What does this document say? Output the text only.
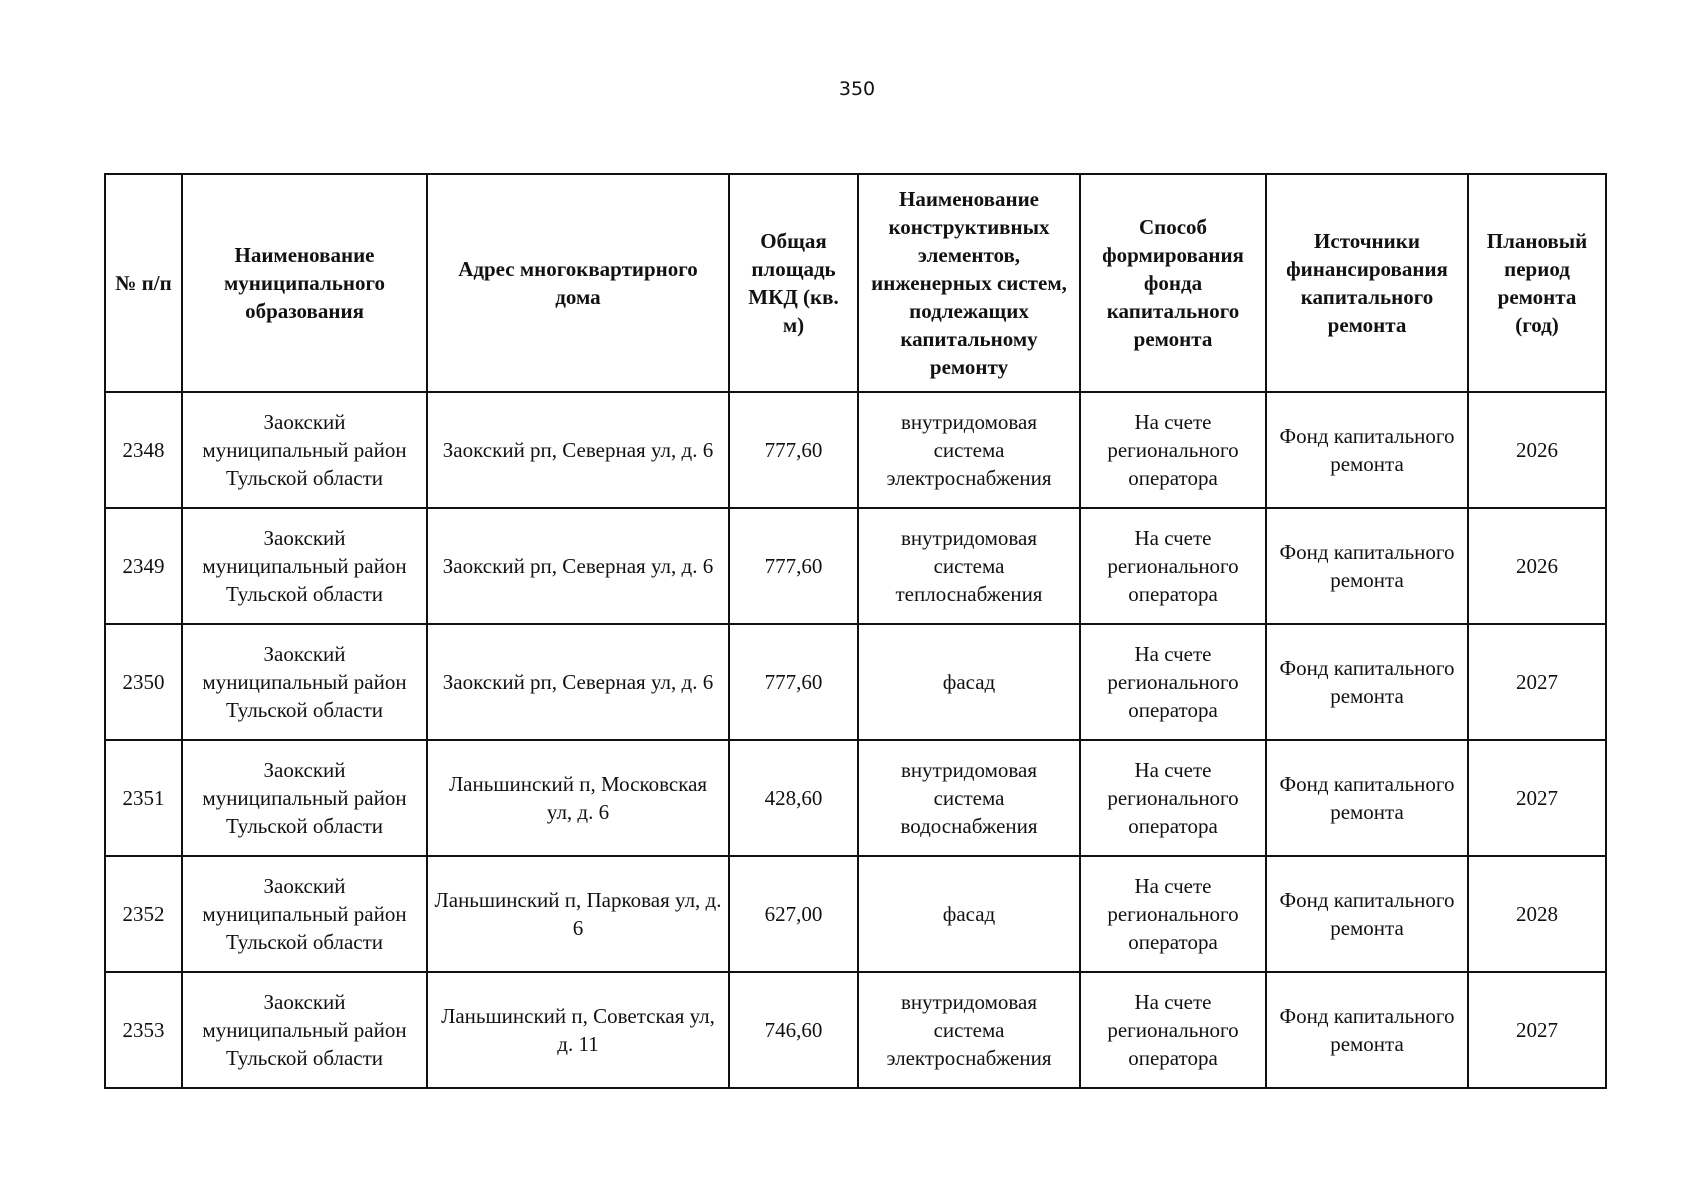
350
№ п/п	Наименование муниципального образования	Адрес многоквартирного дома	Общая площадь МКД (кв. м)	Наименование конструктивных элементов, инженерных систем, подлежащих капитальному ремонту	Способ формирования фонда капитального ремонта	Источники финансирования капитального ремонта	Плановый период ремонта (год)
2348	Заокский муниципальный район Тульской области	Заокский рп, Северная ул, д. 6	777,60	внутридомовая система электроснабжения	На счете регионального оператора	Фонд капитального ремонта	2026
2349	Заокский муниципальный район Тульской области	Заокский рп, Северная ул, д. 6	777,60	внутридомовая система теплоснабжения	На счете регионального оператора	Фонд капитального ремонта	2026
2350	Заокский муниципальный район Тульской области	Заокский рп, Северная ул, д. 6	777,60	фасад	На счете регионального оператора	Фонд капитального ремонта	2027
2351	Заокский муниципальный район Тульской области	Ланьшинский п, Московская ул, д. 6	428,60	внутридомовая система водоснабжения	На счете регионального оператора	Фонд капитального ремонта	2027
2352	Заокский муниципальный район Тульской области	Ланьшинский п, Парковая ул, д. 6	627,00	фасад	На счете регионального оператора	Фонд капитального ремонта	2028
2353	Заокский муниципальный район Тульской области	Ланьшинский п, Советская ул, д. 11	746,60	внутридомовая система электроснабжения	На счете регионального оператора	Фонд капитального ремонта	2027
